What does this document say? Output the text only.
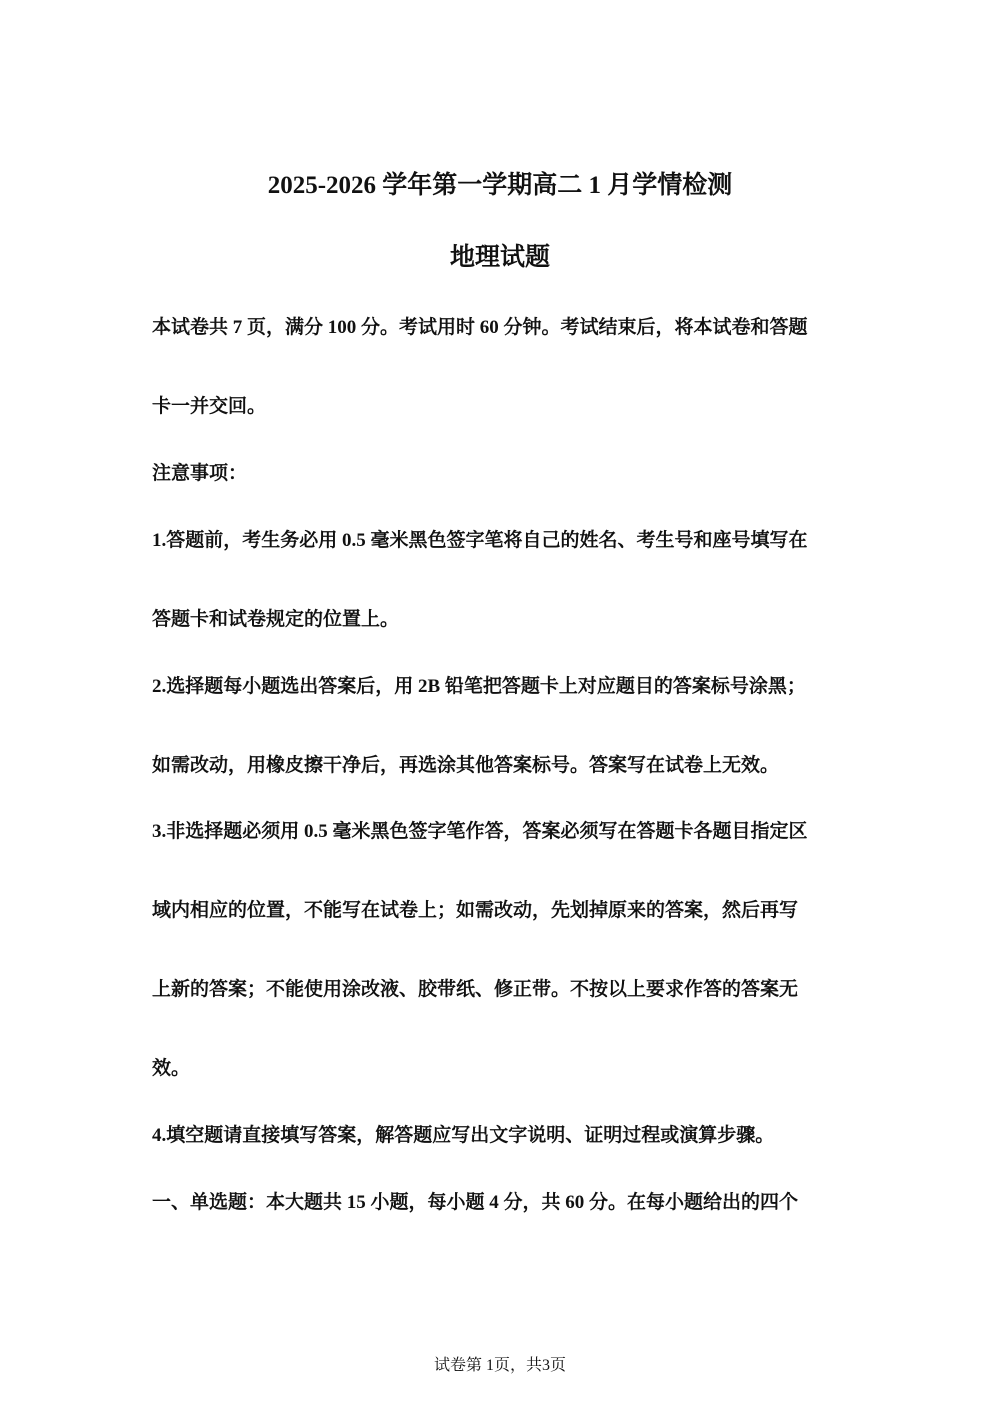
2025-2026 学年第一学期高二 1 月学情检测
地理试题
本试卷共 7 页，满分 100 分。考试用时 60 分钟。考试结束后，将本试卷和答题
卡一并交回。
注意事项：
1.答题前，考生务必用 0.5 毫米黑色签字笔将自己的姓名、考生号和座号填写在
答题卡和试卷规定的位置上。
2.选择题每小题选出答案后，用 2B 铅笔把答题卡上对应题目的答案标号涂黑；
如需改动，用橡皮擦干净后，再选涂其他答案标号。答案写在试卷上无效。
3.非选择题必须用 0.5 毫米黑色签字笔作答，答案必须写在答题卡各题目指定区
域内相应的位置，不能写在试卷上；如需改动，先划掉原来的答案，然后再写
上新的答案；不能使用涂改液、胶带纸、修正带。不按以上要求作答的答案无
效。
4.填空题请直接填写答案，解答题应写出文字说明、证明过程或演算步骤。
一、单选题：本大题共 15 小题，每小题 4 分，共 60 分。在每小题给出的四个
试卷第 1页，共3页
